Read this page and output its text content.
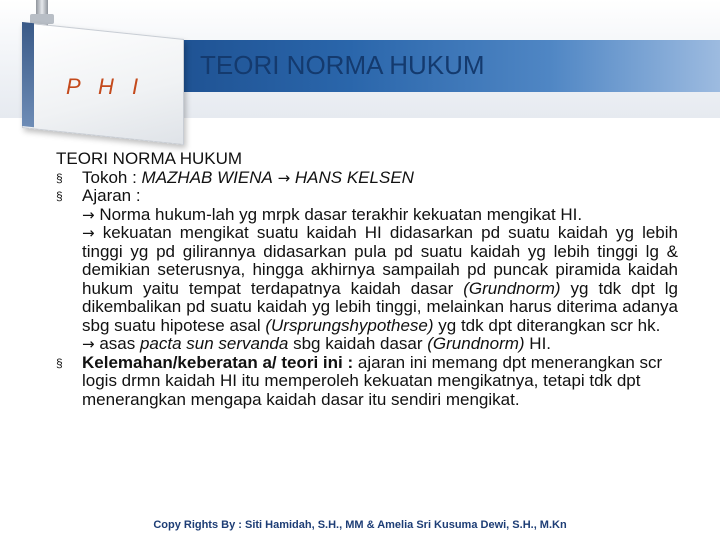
P H I
TEORI NORMA HUKUM

TEORI NORMA HUKUM

§ Tokoh : MAZHAB WIENA → HANS KELSEN

§ Ajaran :

→ Norma hukum-lah yg mrpk dasar terakhir kekuatan mengikat HI.

→ kekuatan mengikat suatu kaidah HI didasarkan pd suatu kaidah yg lebih tinggi yg pd gilirannya didasarkan pula pd suatu kaidah yg lebih tinggi lg & demikian seterusnya, hingga akhirnya sampailah pd puncak piramida kaidah hukum yaitu tempat terdapatnya kaidah dasar (Grundnorm) yg tdk dpt lg dikembalikan pd suatu kaidah yg lebih tinggi, melainkan harus diterima adanya sbg suatu hipotese asal (Ursprungshypothese) yg tdk dpt diterangkan scr hk.

→ asas pacta sun servanda sbg kaidah dasar (Grundnorm) HI.

§ Kelemahan/keberatan a/ teori ini : ajaran ini memang dpt menerangkan scr logis drmn kaidah HI itu memperoleh kekuatan mengikatnya, tetapi tdk dpt menerangkan mengapa kaidah dasar itu sendiri mengikat.

Copy Rights By : Siti Hamidah, S.H., MM & Amelia Sri Kusuma Dewi, S.H., M.Kn
